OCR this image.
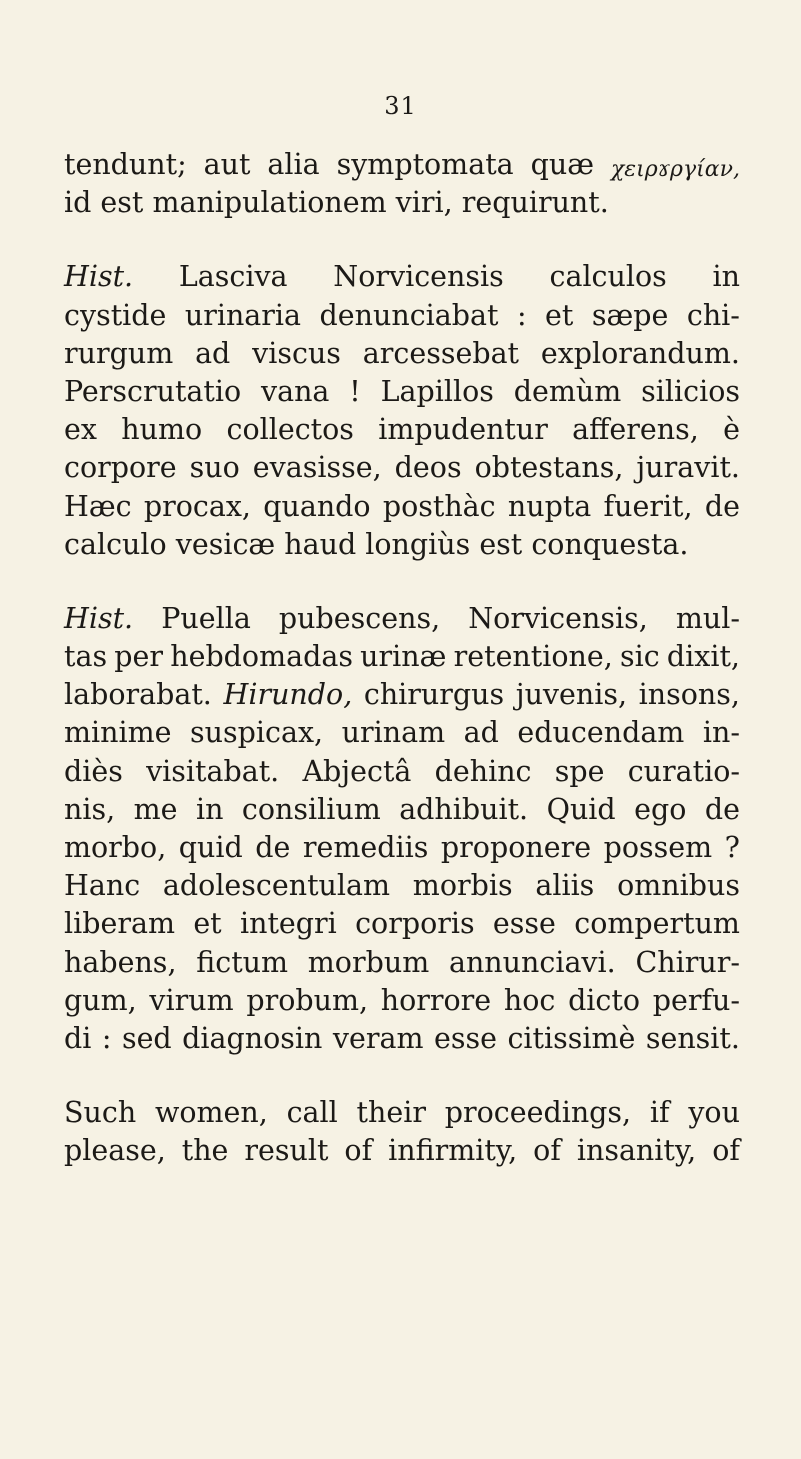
31
tendunt; aut alia symptomata quæ χειρɤργίαν,
id
est
manipulationem
viri,
requirunt.
Hist. Lasciva Norvicensis calculos in
cystide urinaria denunciabat : et sæpe chi-
rurgum ad viscus arcessebat explorandum.
Perscrutatio vana ! Lapillos demùm silicios
ex humo collectos impudentur afferens, è
corpore suo evasisse, deos obtestans, juravit.
Hæc procax, quando posthàc nupta fuerit, de
calculo
vesicæ
haud
longiùs
est
conquesta.
Hist. Puella pubescens, Norvicensis, mul-
tas per hebdomadas urinæ retentione, sic dixit,
laborabat. Hirundo, chirurgus juvenis, insons,
minime suspicax, urinam ad educendam in-
diès visitabat. Abjectâ dehinc spe curatio-
nis, me in consilium adhibuit. Quid ego de
morbo, quid de remediis proponere possem ?
Hanc adolescentulam morbis aliis omnibus
liberam et integri corporis esse compertum
habens, fictum morbum annunciavi. Chirur-
gum, virum probum, horrore hoc dicto perfu-
di : sed diagnosin veram esse citissimè sensit.
Such women, call their proceedings, if you
please, the result of infirmity, of insanity, of
